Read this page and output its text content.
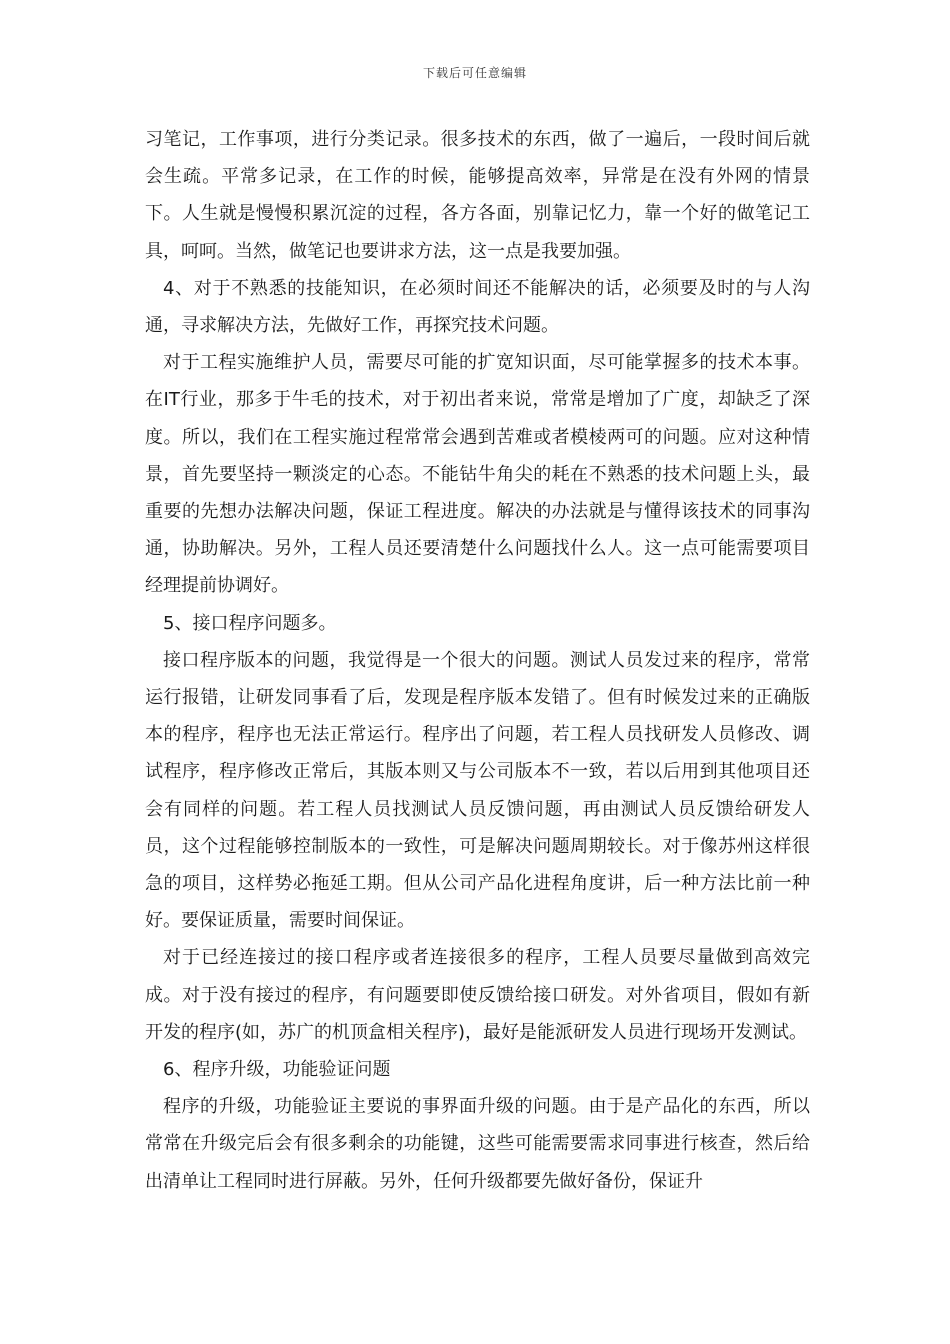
下载后可任意编辑

习笔记，工作事项，进行分类记录。很多技术的东西，做了一遍后，一段时间后就会生疏。平常多记录，在工作的时候，能够提高效率，异常是在没有外网的情景下。人生就是慢慢积累沉淀的过程，各方各面，别靠记忆力，靠一个好的做笔记工具，呵呵。当然，做笔记也要讲求方法，这一点是我要加强。

4、对于不熟悉的技能知识，在必须时间还不能解决的话，必须要及时的与人沟通，寻求解决方法，先做好工作，再探究技术问题。

对于工程实施维护人员，需要尽可能的扩宽知识面，尽可能掌握多的技术本事。在IT行业，那多于牛毛的技术，对于初出者来说，常常是增加了广度，却缺乏了深度。所以，我们在工程实施过程常常会遇到苦难或者模棱两可的问题。应对这种情景，首先要坚持一颗淡定的心态。不能钻牛角尖的耗在不熟悉的技术问题上头，最重要的先想办法解决问题，保证工程进度。解决的办法就是与懂得该技术的同事沟通，协助解决。另外，工程人员还要清楚什么问题找什么人。这一点可能需要项目经理提前协调好。

5、接口程序问题多。

接口程序版本的问题，我觉得是一个很大的问题。测试人员发过来的程序，常常运行报错，让研发同事看了后，发现是程序版本发错了。但有时候发过来的正确版本的程序，程序也无法正常运行。程序出了问题，若工程人员找研发人员修改、调试程序，程序修改正常后，其版本则又与公司版本不一致，若以后用到其他项目还会有同样的问题。若工程人员找测试人员反馈问题，再由测试人员反馈给研发人员，这个过程能够控制版本的一致性，可是解决问题周期较长。对于像苏州这样很急的项目，这样势必拖延工期。但从公司产品化进程角度讲，后一种方法比前一种好。要保证质量，需要时间保证。

对于已经连接过的接口程序或者连接很多的程序，工程人员要尽量做到高效完成。对于没有接过的程序，有问题要即使反馈给接口研发。对外省项目，假如有新开发的程序(如，苏广的机顶盒相关程序)，最好是能派研发人员进行现场开发测试。

6、程序升级，功能验证问题

程序的升级，功能验证主要说的事界面升级的问题。由于是产品化的东西，所以常常在升级完后会有很多剩余的功能键，这些可能需要需求同事进行核查，然后给出清单让工程同时进行屏蔽。另外，任何升级都要先做好备份，保证升
